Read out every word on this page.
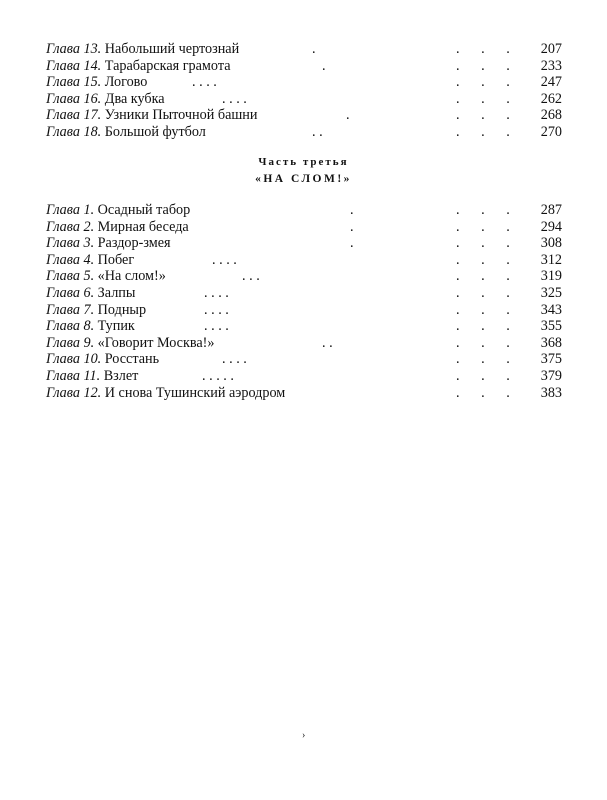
Глава 13. Набольший чертознай	.	. . . 207
Глава 14. Тарабарская грамота	.	. . . 233
Глава 15. Логово	. . . .	. . . 247
Глава 16. Два кубка	. . . .	. . . 262
Глава 17. Узники Пыточной башни	.	. . . 268
Глава 18. Большой футбол	. .	. . . 270
Часть третья
«НА СЛОМ!»
Глава 1. Осадный табор	.	. . . 287
Глава 2. Мирная беседа	.	. . . 294
Глава 3. Раздор-змея	.	. . . 308
Глава 4. Побег	. . . .	. . . 312
Глава 5. «На слом!»	. . .	. . . 319
Глава 6. Залпы	. . . .	. . . 325
Глава 7. Подныр	. . . .	. . . 343
Глава 8. Тупик	. . . .	. . . 355
Глава 9. «Говорит Москва!»	. .	. . . 368
Глава 10. Росстань	. . . .	. . . 375
Глава 11. Взлет	. . . . .	. . . 379
Глава 12. И снова Тушинский аэродром	. . . 383
›
